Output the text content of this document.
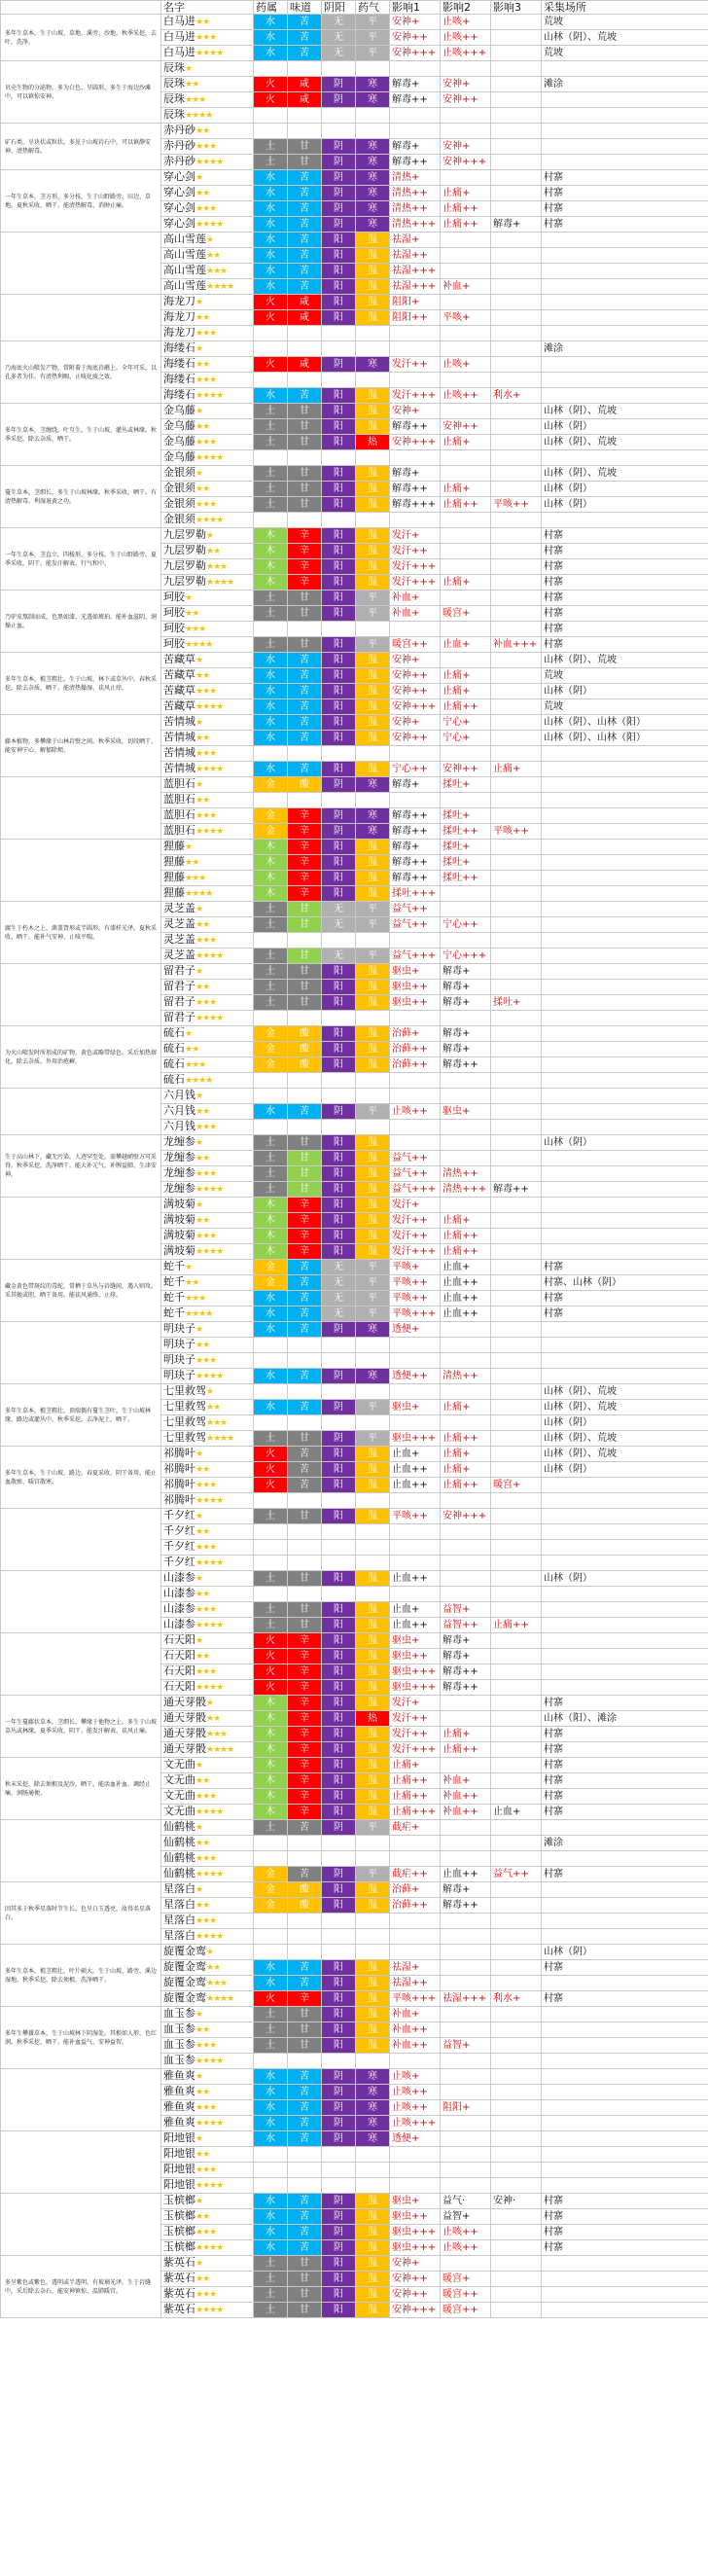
	名字	药属	味道	阴阳	药气	影响1	影响2	影响3	采集场所
多年生草本，生于山坡、草地、溪旁、沙地。秋季采挖，去叶，洗净。	白马进★★	水	苦	无	平	安神+	止咳+		荒坡
	白马进★★★	水	苦	无	平	安神++	止咳++		山林（阴）、荒坡
	白马进★★★★	水	苦	无	平	安神+++	止咳+++		荒坡
贝壳生物的分泌物，多为白色、呈圆形，多生于海边沙滩中，可以镇惊安神。	辰珠★								
	辰珠★★	火	咸	阴	寒	解毒+	安神+		滩涂
	辰珠★★★	火	咸	阴	寒	解毒++	安神++		
	辰珠★★★★								
矿石类，呈块状或粒状，多见于山坡岩石中，可以镇静安神、清热解毒。	赤丹砂★★								
	赤丹砂★★★	土	甘	阴	寒	解毒+	安神+		
	赤丹砂★★★★	土	甘	阴	寒	解毒++	安神+++		
一年生草本，茎方形，多分枝，生于山野路旁、田边、草地。夏秋采收，晒干。能清热解毒、消肿止痛。	穿心剑★	水	苦	阴	寒	清热+			村寨
	穿心剑★★	水	苦	阴	寒	清热++	止痛+		村寨
	穿心剑★★★	水	苦	阴	寒	清热++	止痛++		村寨
	穿心剑★★★★	水	苦	阴	寒	清热+++	止痛++	解毒+	村寨
	高山雪莲★	水	苦	阳	温	祛湿+			
	高山雪莲★★	水	苦	阳	温	祛湿++			
	高山雪莲★★★	水	苦	阳	温	祛湿+++			
	高山雪莲★★★★	水	苦	阳	温	祛湿+++	补血+		
	海龙刀★	火	咸	阳	温	阻阳+			
	海龙刀★★	火	咸	阳	温	阻阳++	平咳+		
	海龙刀★★★								
乃海底火山喷发产物，常附着于海底岩礁上。全年可采，以孔多者为佳。有清热利咽、止咳化痰之效。	海缕石★								滩涂
	海缕石★★	火	咸	阴	寒	发汗++	止咳+		
	海缕石★★★								
	海缕石★★★★	水	苦	阳	温	发汗+++	止咳++	利水+	
多年生草本，茎缠绕，叶互生。生于山坡、灌丛或林缘。秋季采挖，除去杂质，晒干。	金乌藤★	土	甘	阳	温	安神+			山林（阴）、荒坡
	金乌藤★★	土	甘	阳	温	解毒++	安神++		山林（阴）
	金乌藤★★★	土	甘	阳	热	安神+++	止痛+		山林（阴）、荒坡
	金乌藤★★★★								
蔓生草本，茎细长，多生于山坡林缘。秋季采收，晒干。有清热解毒、利湿退黄之功。	金银须★	土	甘	阳	温	解毒+			山林（阴）、荒坡
	金银须★★	土	甘	阳	温	解毒++	止痛+		山林（阴）
	金银须★★★	土	甘	阳	温	解毒+++	止痛++	平咳++	山林（阴）
	金银须★★★★								
一年生草本，茎直立，四棱形，多分枝。生于山野路旁。夏季采收，阴干。能发汗解表、行气和中。	九层罗勒★	木	辛	阳	温	发汗+			村寨
	九层罗勒★★	木	辛	阳	温	发汗++			村寨
	九层罗勒★★★	木	辛	阳	温	发汗+++			村寨
	九层罗勒★★★★	木	辛	阳	温	发汗+++	止痛+		村寨
乃驴皮熬制而成，色黑如漆，光透如琥珀。能补血滋阴、润燥止血。	珂胶★	土	甘	阳	平	补血+			村寨
	珂胶★★	土	甘	阳	平	补血+	暖宫+		村寨
	珂胶★★★								村寨
	珂胶★★★★	土	甘	阳	平	暖宫++	止血+	补血+++	村寨
多年生草本，根茎粗壮。生于山坡、林下或草丛中。春秋采挖，除去杂质，晒干。能清热燥湿、祛风止痒。	苦藏草★	水	苦	阳	温	安神+			山林（阴）、荒坡
	苦藏草★★	水	苦	阳	温	安神++	止痛+		荒坡
	苦藏草★★★	水	苦	阳	温	安神++	止痛+		山林（阴）
	苦藏草★★★★	水	苦	阳	温	安神+++	止痛++		荒坡
藤本植物，多攀缘于山林岩壁之间。秋季采收，切段晒干。能安神宁心、解郁除烦。	苦情城★	水	苦	阳	温	安神+	宁心+		山林（阴）、山林（阳）
	苦情城★★	水	苦	阳	温	安神++	宁心+		山林（阴）、山林（阳）
	苦情城★★★								
	苦情城★★★★	水	苦	阳	温	宁心++	安神++	止痛+	
	蓝胆石★	金	酸	阴	寒	解毒+	揉吐+		
	蓝胆石★★								
	蓝胆石★★★	金	辛	阴	寒	解毒++	揉吐+		
	蓝胆石★★★★	金	辛	阴	寒	解毒++	揉吐++	平咳++	
	狸藤★	木	辛	阳	温	解毒+	揉吐+		
	狸藤★★	木	辛	阳	温	解毒++	揉吐+		
	狸藤★★★	木	辛	阳	温	解毒++	揉吐++		
	狸藤★★★★	木	辛	阳	温	揉吐+++			
腐生于朽木之上，菌盖肾形或半圆形，有漆样光泽。夏秋采收，晒干。能补气安神、止咳平喘。	灵芝盖★	土	甘	无	平	益气++			
	灵芝盖★★	土	甘	无	平	益气++	宁心++		
	灵芝盖★★★								
	灵芝盖★★★★	土	甘	无	平	益气+++	宁心+++		
	留君子★	土	甘	阳	温	驱虫+	解毒+		
	留君子★★	土	甘	阳	温	驱虫++	解毒+		
	留君子★★★	土	甘	阳	温	驱虫++	解毒+	揉吐+	
	留君子★★★★								
为火山喷发时所形成的矿物，黄色或略带绿色。采后加热熔化，除去杂质。外用治疮癣。	硫石★	金	酸	阳	温	治藓+	解毒+		
	硫石★★	金	酸	阳	温	治藓++	解毒+		
	硫石★★★	金	酸	阳	温	治藓++	解毒++		
	硫石★★★★								
	六月钱★								
	六月钱★★	水	苦	阴	平	止咳++	驱虫+		
	六月钱★★★								
生于高山林下，藏无污染，人迹罕至处，需攀越峭壁方可采得。秋季采挖，洗净晒干。能大补元气、补脾益肺、生津安神。	龙缠参★	土	甘	阳	温				山林（阴）
	龙缠参★★	土	甘	阳	温	益气++			
	龙缠参★★★	土	甘	阳	温	益气++	清热++		
	龙缠参★★★★	土	甘	阳	温	益气+++	清热+++	解毒++	
	满坡菊★	木	辛	阳	温	发汗+			
	满坡菊★★	木	辛	阳	温	发汗++	止痛+		
	满坡菊★★★	木	辛	阳	温	发汗++	止痛++		
	满坡菊★★★★	木	辛	阳	温	发汗+++	止痛++		
藏金黄色带斑纹的毒蛇，常栖于草丛与岩缝间，遇人则攻。采其蜕或胆，晒干备用。能祛风通络、止痉。	蛇千★	金	苦	无	平	平咳+	止血+		村寨
	蛇千★★	金	苦	无	平	平咳++	止血++		村寨、山林（阴）
	蛇千★★★	水	苦	无	平	平咳++	止血++		村寨
	蛇千★★★★	水	苦	无	平	平咳+++	止血++		村寨
	明玦子★	水	苦	阴	寒	透便+			
	明玦子★★								
	明玦子★★★								
	明玦子★★★★	水	苦	阴	寒	透便++	清热++		
多年生草本，根茎粗壮，顶端偶有蔓生茎叶，生于山坡林缘、路边或灌丛中。秋季采挖，去净泥土，晒干。	七里救驾★								山林（阴）、荒坡
	七里救驾★★	水	苦	阴	平	驱虫+	止痛+		山林（阴）、荒坡
	七里救驾★★★								山林（阴）
	七里救驾★★★★	土	甘	阴	平	驱虫+++	止痛++		山林（阴）、荒坡
多年生草本，生于山坡、路边。春夏采收，阴干备用。能止血散瘀、暖宫散寒。	祁腾叶★	火	苦	阳	温	止血+	止痛+		山林（阴）、荒坡
	祁腾叶★★	火	苦	阳	温	止血++	止痛+		山林（阴）
	祁腾叶★★★	火	苦	阳	温	止血++	止痛++	暖宫+	
	祁腾叶★★★★								
	千夕红★	土	甘	阳	温	平咳++	安神+++		
	千夕红★★								
	千夕红★★★								
	千夕红★★★★								
	山漆参★	土	甘	阳	温	止血++			山林（阴）
	山漆参★★								
	山漆参★★★	土	甘	阳	温	止血+	益智+		
	山漆参★★★★	土	甘	阳	温	止血++	益智++	止痛++	
	石天阳★	火	辛	阳	温	驱虫+	解毒+		
	石天阳★★	火	辛	阳	温	驱虫++	解毒+		
	石天阳★★★	火	辛	阳	温	驱虫+++	解毒++		
	石天阳★★★★	火	辛	阳	温	驱虫+++	解毒++		
一年生蔓藤状草本，茎细长，攀缘于他物之上。多生于山坡草丛或林缘。夏季采收，阴干。能发汗解表、祛风止痛。	通天芽骰★	木	辛	阳	温	发汗+			村寨
	通天芽骰★★	木	辛	阳	热	发汗++			山林（阳）、滩涂
	通天芽骰★★★	木	辛	阳	温	发汗++	止痛+		村寨
	通天芽骰★★★★	木	辛	阳	温	发汗+++	止痛++		村寨
秋末采挖，除去须根及泥沙，晒干。能活血补血、调经止痛、润肠通便。	文无曲★	木	辛	阳	温	止痛+			村寨
	文无曲★★	木	辛	阳	温	止痛++	补血+		村寨
	文无曲★★★	木	辛	阳	温	止痛++	补血++		村寨
	文无曲★★★★	木	辛	阳	温	止痛+++	补血++	止血+	村寨
	仙鹤桃★	土	苦	阴	平	截疟+			
	仙鹤桃★★								滩涂
	仙鹤桃★★★								
	仙鹤桃★★★★	金	苦	阴	平	截疟++	止血++	益气++	村寨
因其多于秋季星落时节生长，色呈白玉透亮，故得名星落白。	星落白★	金	酸	阳	温	治藓+	解毒+		
	星落白★★	金	酸	阳	温	治藓++	解毒++		
	星落白★★★								
	星落白★★★★								
多年生草本，根茎粗壮，叶片硕大。生于山坡、路旁、溪边湿地。秋季采挖，除去须根，洗净晒干。	旋覆金鸾★								山林（阴）
	旋覆金鸾★★	水	苦	阳	温	祛湿+			村寨
	旋覆金鸾★★★	水	苦	阳	温	祛湿++			
	旋覆金鸾★★★★	火	辛	阳	温	平咳+++	祛湿+++	利水+	村寨
多年生攀援草本，生于山坡林下阴湿处。其根如人形，色红润。秋季采挖，晒干。能补血益气、安神益智。	血玉参★	土	甘	阳	温	补血+			
	血玉参★★	土	甘	阳	温	补血++			
	血玉参★★★	土	甘	阳	温	补血++	益智+		
	血玉参★★★★								
	雅鱼爽★	水	苦	阴	寒	止咳+			
	雅鱼爽★★	水	苦	阴	寒	止咳++			
	雅鱼爽★★★	水	苦	阴	寒	止咳++	阻阳+		
	雅鱼爽★★★★	水	苦	阴	寒	止咳+++			
	阳地银★	水	苦	阴	寒	透便+			
	阳地银★★								
	阳地银★★★								
	阳地银★★★★								
	玉槟榔★	水	苦	阴	温	驱虫+	益气·	安神·	村寨
	玉槟榔★★	水	苦	阴	温	驱虫++	益智+		村寨
	玉槟榔★★★	水	苦	阴	温	驱虫+++	止咳++		村寨
	玉槟榔★★★★	水	苦	阴	温	驱虫+++	止咳++		村寨
多呈紫色或紫色，透明或半透明，有玻璃光泽。生于岩缝中，采后除去杂石，能安神镇惊、温肺暖宫。	紫英石★	土	甘	阳	温	安神+			
	紫英石★★	土	甘	阳	温	安神++	暖宫+		
	紫英石★★★	土	甘	阳	温	安神++	暖宫++		
	紫英石★★★★	土	甘	阳	温	安神+++	暖宫++		
